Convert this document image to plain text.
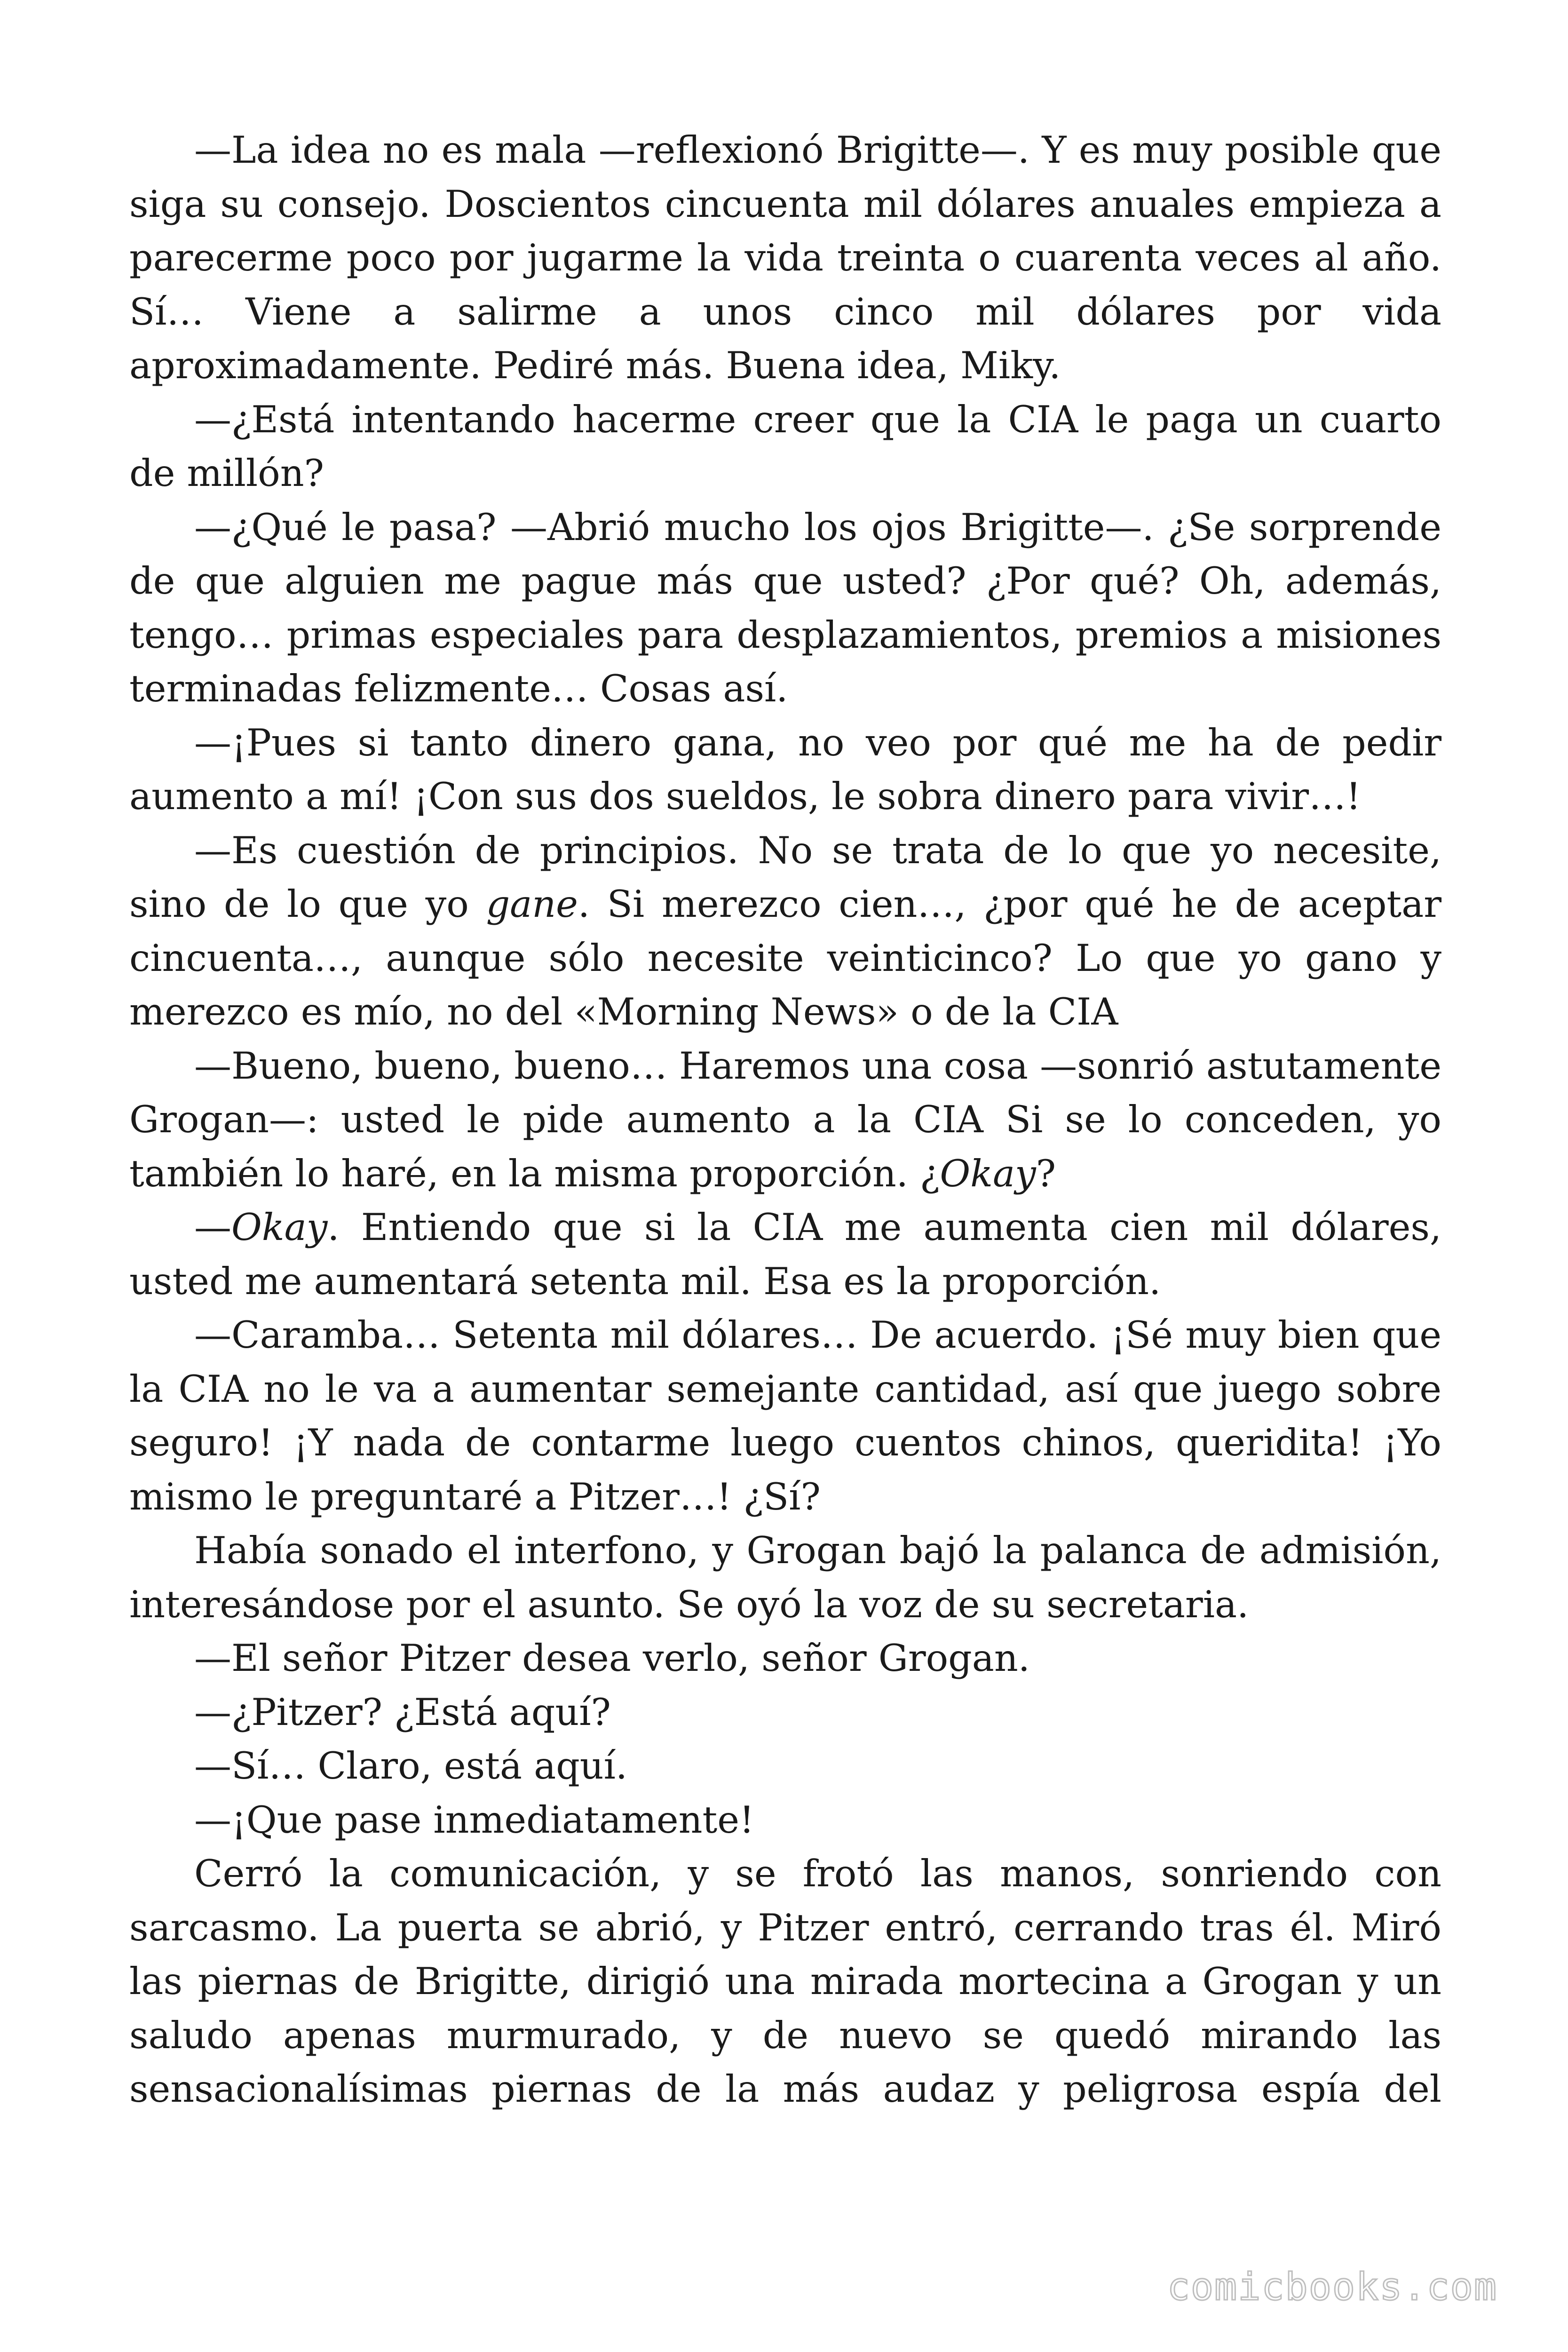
—La idea no es mala —reflexionó Brigitte—. Y es muy posible que siga su consejo. Doscientos cincuenta mil dólares anuales empieza a parecerme poco por jugarme la vida treinta o cuarenta veces al año. Sí… Viene a salirme a unos cinco mil dólares por vida aproximadamente. Pediré más. Buena idea, Miky.

—¿Está intentando hacerme creer que la CIA le paga un cuarto de millón?

—¿Qué le pasa? —Abrió mucho los ojos Brigitte—. ¿Se sorprende de que alguien me pague más que usted? ¿Por qué? Oh, además, tengo… primas especiales para desplazamientos, premios a misiones terminadas felizmente… Cosas así.

—¡Pues si tanto dinero gana, no veo por qué me ha de pedir aumento a mí! ¡Con sus dos sueldos, le sobra dinero para vivir…!

—Es cuestión de principios. No se trata de lo que yo necesite, sino de lo que yo gane. Si merezco cien…, ¿por qué he de aceptar cincuenta…, aunque sólo necesite veinticinco? Lo que yo gano y merezco es mío, no del «Morning News» o de la CIA

—Bueno, bueno, bueno… Haremos una cosa —sonrió astutamente Grogan—: usted le pide aumento a la CIA Si se lo conceden, yo también lo haré, en la misma proporción. ¿Okay?

—Okay. Entiendo que si la CIA me aumenta cien mil dólares, usted me aumentará setenta mil. Esa es la proporción.

—Caramba… Setenta mil dólares… De acuerdo. ¡Sé muy bien que la CIA no le va a aumentar semejante cantidad, así que juego sobre seguro! ¡Y nada de contarme luego cuentos chinos, queridita! ¡Yo mismo le preguntaré a Pitzer…! ¿Sí?

Había sonado el interfono, y Grogan bajó la palanca de admisión, interesándose por el asunto. Se oyó la voz de su secretaria.

—El señor Pitzer desea verlo, señor Grogan.

—¿Pitzer? ¿Está aquí?

—Sí… Claro, está aquí.

—¡Que pase inmediatamente!

Cerró la comunicación, y se frotó las manos, sonriendo con sarcasmo. La puerta se abrió, y Pitzer entró, cerrando tras él. Miró las piernas de Brigitte, dirigió una mirada mortecina a Grogan y un saludo apenas murmurado, y de nuevo se quedó mirando las sensacionalísimas piernas de la más audaz y peligrosa espía del

comicbooks.com
